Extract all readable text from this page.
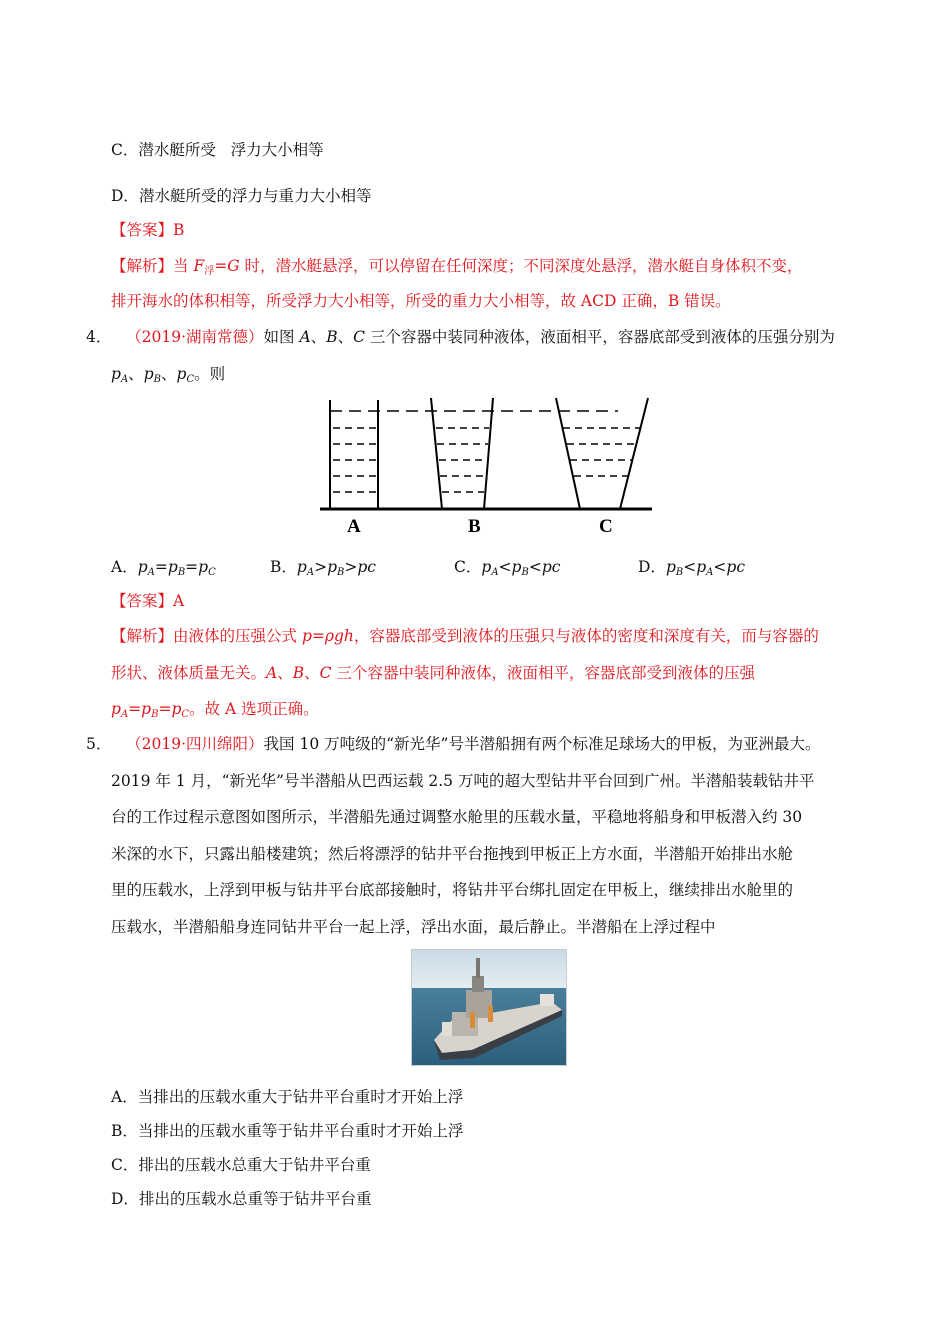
C．潜水艇所受 浮力大小相等
D．潜水艇所受的浮力与重力大小相等
【答案】B
【解析】当 F浮=G 时，潜水艇悬浮，可以停留在任何深度；不同深度处悬浮，潜水艇自身体积不变，
排开海水的体积相等，所受浮力大小相等，所受的重力大小相等，故 ACD 正确，B 错误。
4． （2019·湖南常德）如图 A、B、C 三个容器中装同种液体，液面相平，容器底部受到液体的压强分别为
$p_A$、$p_B$、$p_C$。则
A	B	C
A．$p_A=p_B=p_C$	B．$p_A>p_B>pc$	C．$p_A<p_B<pc$	D．$p_B<p_A<pc$
【答案】A
【解析】由液体的压强公式 p=ρgh，容器底部受到液体的压强只与液体的密度和深度有关，而与容器的
形状、液体质量无关。A、B、C 三个容器中装同种液体，液面相平，容器底部受到液体的压强
$p_A=p_B=p_C$。故 A 选项正确。
5． （2019·四川绵阳）我国 10 万吨级的“新光华”号半潜船拥有两个标准足球场大的甲板，为亚洲最大。
2019 年 1 月，“新光华”号半潜船从巴西运载 2.5 万吨的超大型钻井平台回到广州。半潜船装载钻井平
台的工作过程示意图如图所示，半潜船先通过调整水舱里的压载水量，平稳地将船身和甲板潜入约 30
米深的水下，只露出船楼建筑；然后将漂浮的钻井平台拖拽到甲板正上方水面，半潜船开始排出水舱
里的压载水，上浮到甲板与钻井平台底部接触时，将钻井平台绑扎固定在甲板上，继续排出水舱里的
压载水，半潜船船身连同钻井平台一起上浮，浮出水面，最后静止。半潜船在上浮过程中
A．当排出的压载水重大于钻井平台重时才开始上浮
B．当排出的压载水重等于钻井平台重时才开始上浮
C．排出的压载水总重大于钻井平台重
D．排出的压载水总重等于钻井平台重
